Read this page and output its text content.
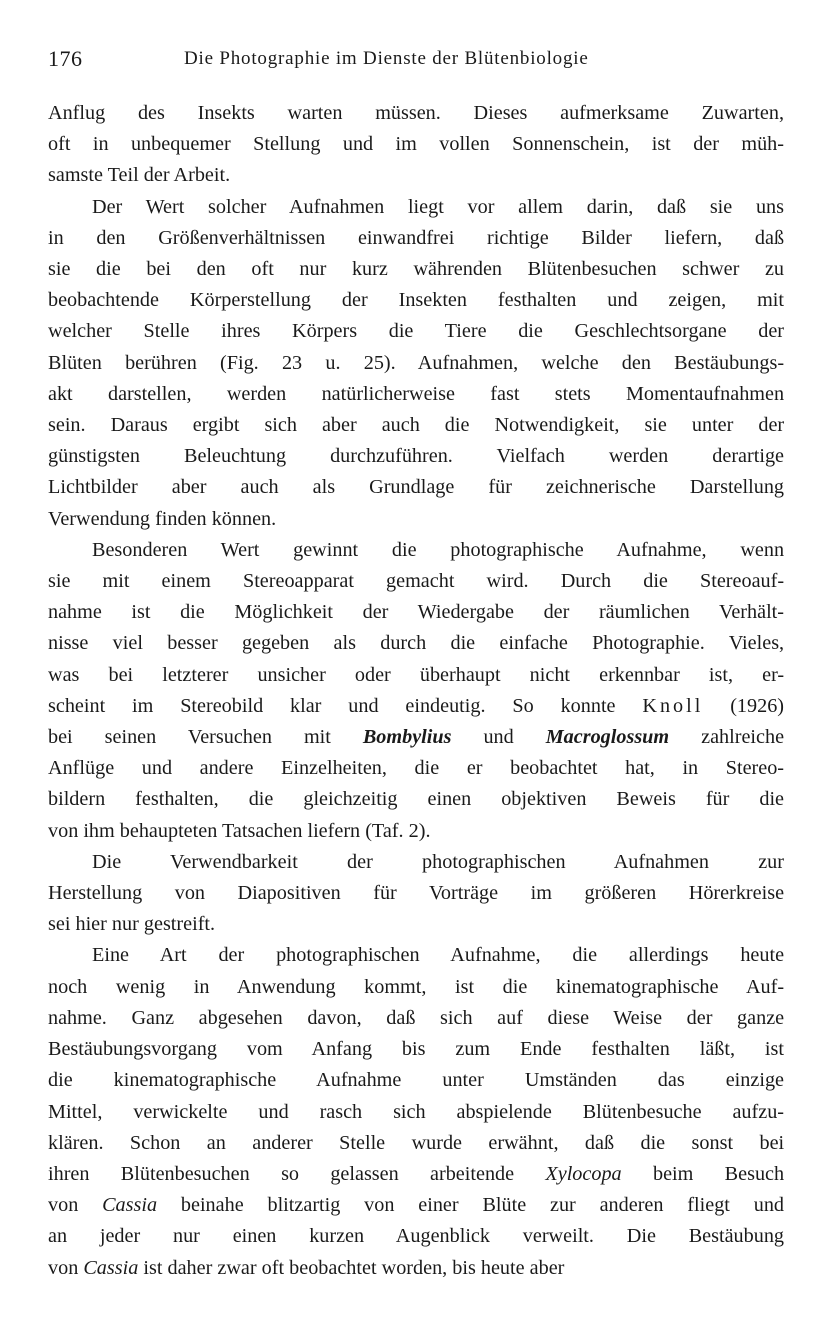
176	Die Photographie im Dienste der Blütenbiologie
Anflug des Insekts warten müssen. Dieses aufmerksame Zuwarten,
oft in unbequemer Stellung und im vollen Sonnenschein, ist der müh-
samste Teil der Arbeit.
Der Wert solcher Aufnahmen liegt vor allem darin, daß sie uns
in den Größenverhältnissen einwandfrei richtige Bilder liefern, daß
sie die bei den oft nur kurz währenden Blütenbesuchen schwer zu
beobachtende Körperstellung der Insekten festhalten und zeigen, mit
welcher Stelle ihres Körpers die Tiere die Geschlechtsorgane der
Blüten berühren (Fig. 23 u. 25). Aufnahmen, welche den Bestäubungs-
akt darstellen, werden natürlicherweise fast stets Momentaufnahmen
sein. Daraus ergibt sich aber auch die Notwendigkeit, sie unter der
günstigsten Beleuchtung durchzuführen. Vielfach werden derartige
Lichtbilder aber auch als Grundlage für zeichnerische Darstellung
Verwendung finden können.
Besonderen Wert gewinnt die photographische Aufnahme, wenn
sie mit einem Stereoapparat gemacht wird. Durch die Stereoauf-
nahme ist die Möglichkeit der Wiedergabe der räumlichen Verhält-
nisse viel besser gegeben als durch die einfache Photographie. Vieles,
was bei letzterer unsicher oder überhaupt nicht erkennbar ist, er-
scheint im Stereobild klar und eindeutig. So konnte Knoll (1926)
bei seinen Versuchen mit Bombylius und Macroglossum zahlreiche
Anflüge und andere Einzelheiten, die er beobachtet hat, in Stereo-
bildern festhalten, die gleichzeitig einen objektiven Beweis für die
von ihm behaupteten Tatsachen liefern (Taf. 2).
Die Verwendbarkeit der photographischen Aufnahmen zur
Herstellung von Diapositiven für Vorträge im größeren Hörerkreise
sei hier nur gestreift.
Eine Art der photographischen Aufnahme, die allerdings heute
noch wenig in Anwendung kommt, ist die kinematographische Auf-
nahme. Ganz abgesehen davon, daß sich auf diese Weise der ganze
Bestäubungsvorgang vom Anfang bis zum Ende festhalten läßt, ist
die kinematographische Aufnahme unter Umständen das einzige
Mittel, verwickelte und rasch sich abspielende Blütenbesuche aufzu-
klären. Schon an anderer Stelle wurde erwähnt, daß die sonst bei
ihren Blütenbesuchen so gelassen arbeitende Xylocopa beim Besuch
von Cassia beinahe blitzartig von einer Blüte zur anderen fliegt und
an jeder nur einen kurzen Augenblick verweilt. Die Bestäubung
von Cassia ist daher zwar oft beobachtet worden, bis heute aber
